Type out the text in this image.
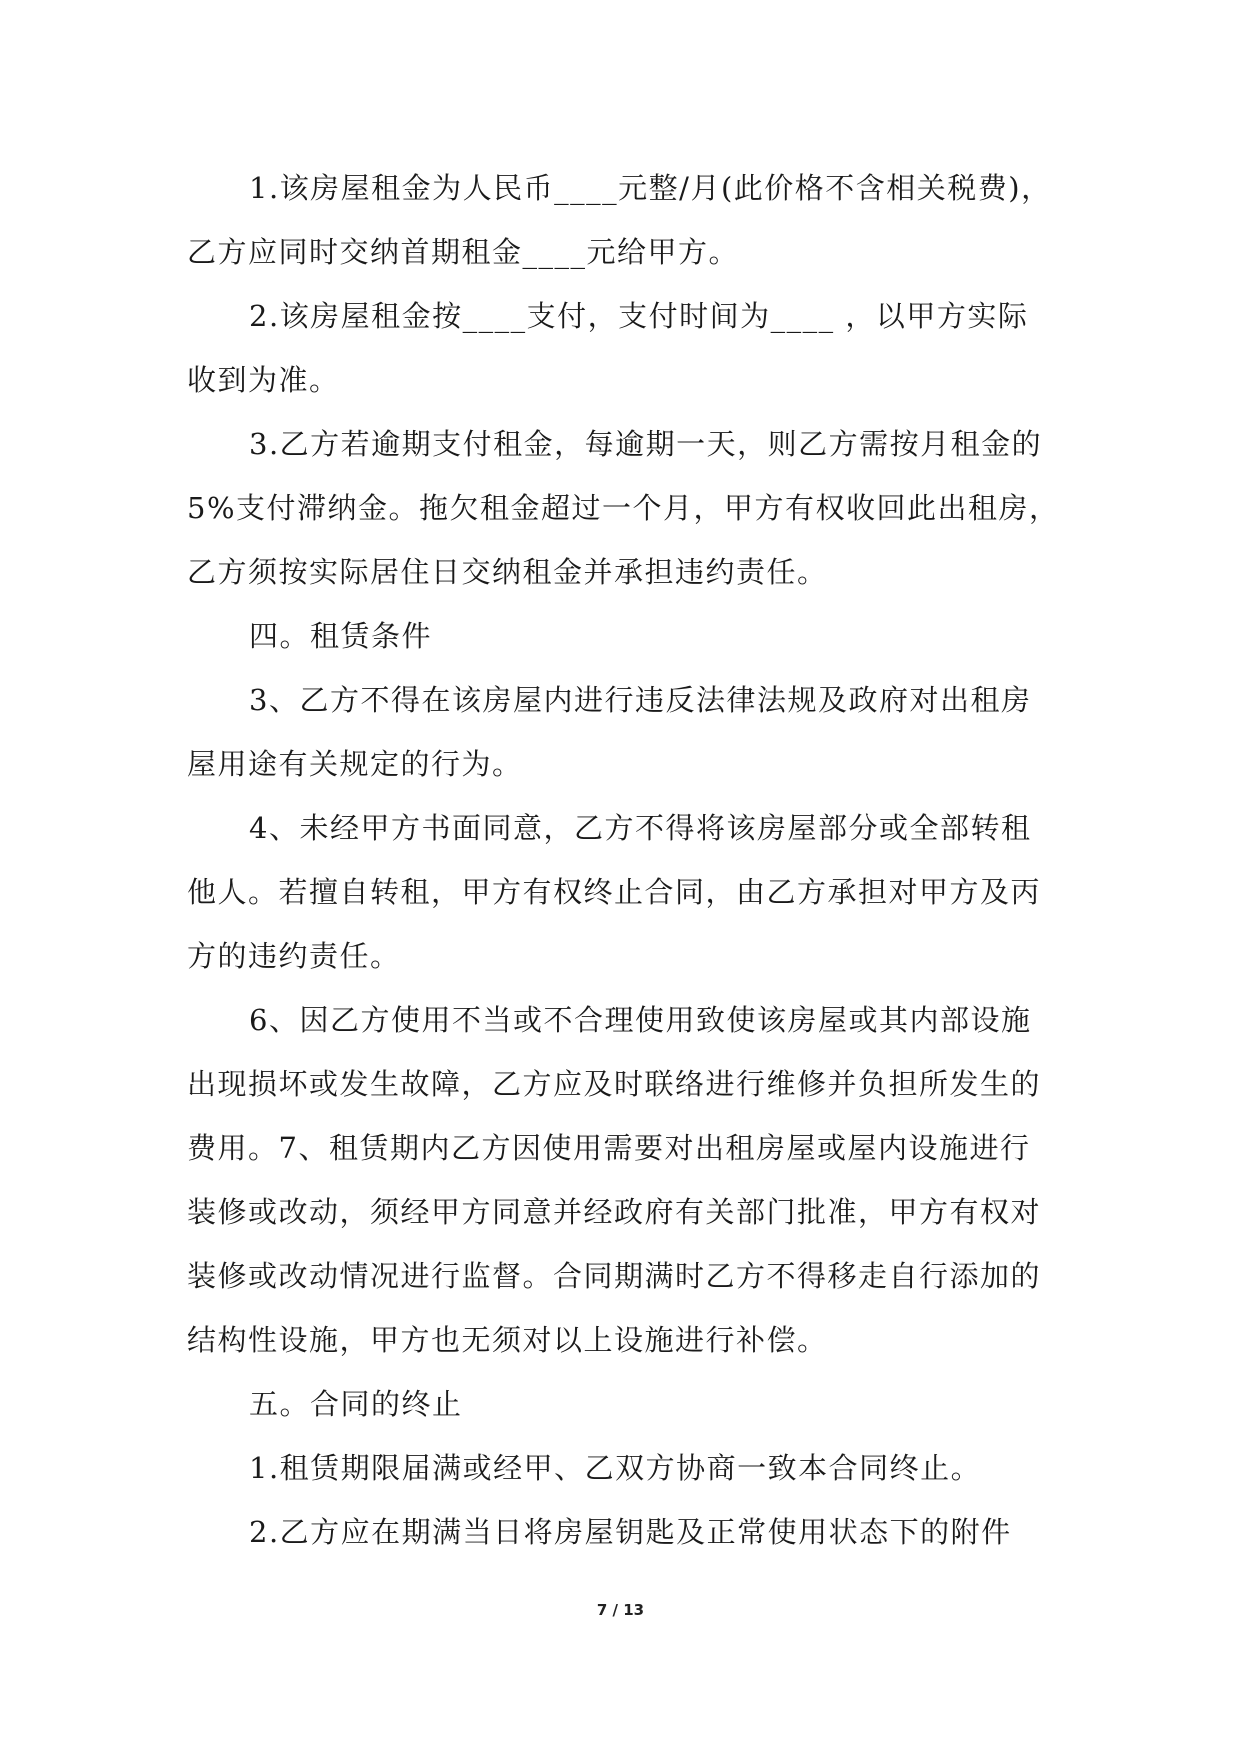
1.该房屋租金为人民币____元整/月(此价格不含相关税费)，
乙方应同时交纳首期租金____元给甲方。
2.该房屋租金按____支付，支付时间为____ ，以甲方实际
收到为准。
3.乙方若逾期支付租金，每逾期一天，则乙方需按月租金的
5%支付滞纳金。拖欠租金超过一个月，甲方有权收回此出租房，
乙方须按实际居住日交纳租金并承担违约责任。
四。租赁条件
3、乙方不得在该房屋内进行违反法律法规及政府对出租房
屋用途有关规定的行为。
4、未经甲方书面同意，乙方不得将该房屋部分或全部转租
他人。若擅自转租，甲方有权终止合同，由乙方承担对甲方及丙
方的违约责任。
6、因乙方使用不当或不合理使用致使该房屋或其内部设施
出现损坏或发生故障，乙方应及时联络进行维修并负担所发生的
费用。7、租赁期内乙方因使用需要对出租房屋或屋内设施进行
装修或改动，须经甲方同意并经政府有关部门批准，甲方有权对
装修或改动情况进行监督。合同期满时乙方不得移走自行添加的
结构性设施，甲方也无须对以上设施进行补偿。
五。合同的终止
1.租赁期限届满或经甲、乙双方协商一致本合同终止。
2.乙方应在期满当日将房屋钥匙及正常使用状态下的附件
7 / 13
